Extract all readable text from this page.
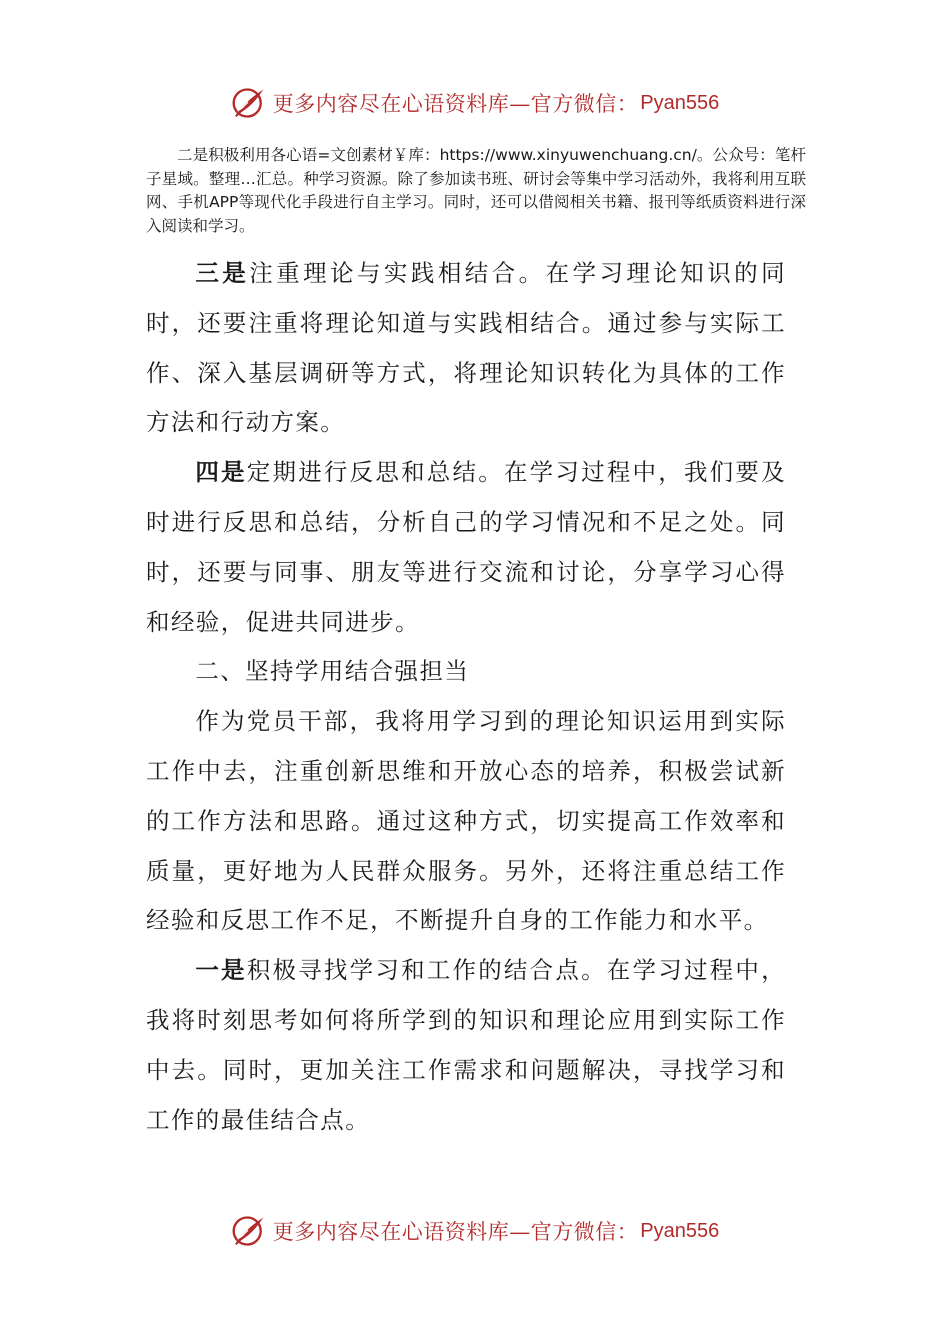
更多内容尽在心语资料库—官方微信： Pyan556

二是积极利用各心语=文创素材￥库：https://www.xinyuwenchuang.cn/。公众号：笔杆子星域。整理…汇总。种学习资源。除了参加读书班、研讨会等集中学习活动外，我将利用互联网、手机APP等现代化手段进行自主学习。同时，还可以借阅相关书籍、报刊等纸质资料进行深入阅读和学习。

三是注重理论与实践相结合。在学习理论知识的同时，还要注重将理论知道与实践相结合。通过参与实际工作、深入基层调研等方式，将理论知识转化为具体的工作方法和行动方案。

四是定期进行反思和总结。在学习过程中，我们要及时进行反思和总结，分析自己的学习情况和不足之处。同时，还要与同事、朋友等进行交流和讨论，分享学习心得和经验，促进共同进步。

二、坚持学用结合强担当

作为党员干部，我将用学习到的理论知识运用到实际工作中去，注重创新思维和开放心态的培养，积极尝试新的工作方法和思路。通过这种方式，切实提高工作效率和质量，更好地为人民群众服务。另外，还将注重总结工作经验和反思工作不足，不断提升自身的工作能力和水平。

一是积极寻找学习和工作的结合点。在学习过程中，我将时刻思考如何将所学到的知识和理论应用到实际工作中去。同时，更加关注工作需求和问题解决，寻找学习和工作的最佳结合点。

更多内容尽在心语资料库—官方微信： Pyan556
